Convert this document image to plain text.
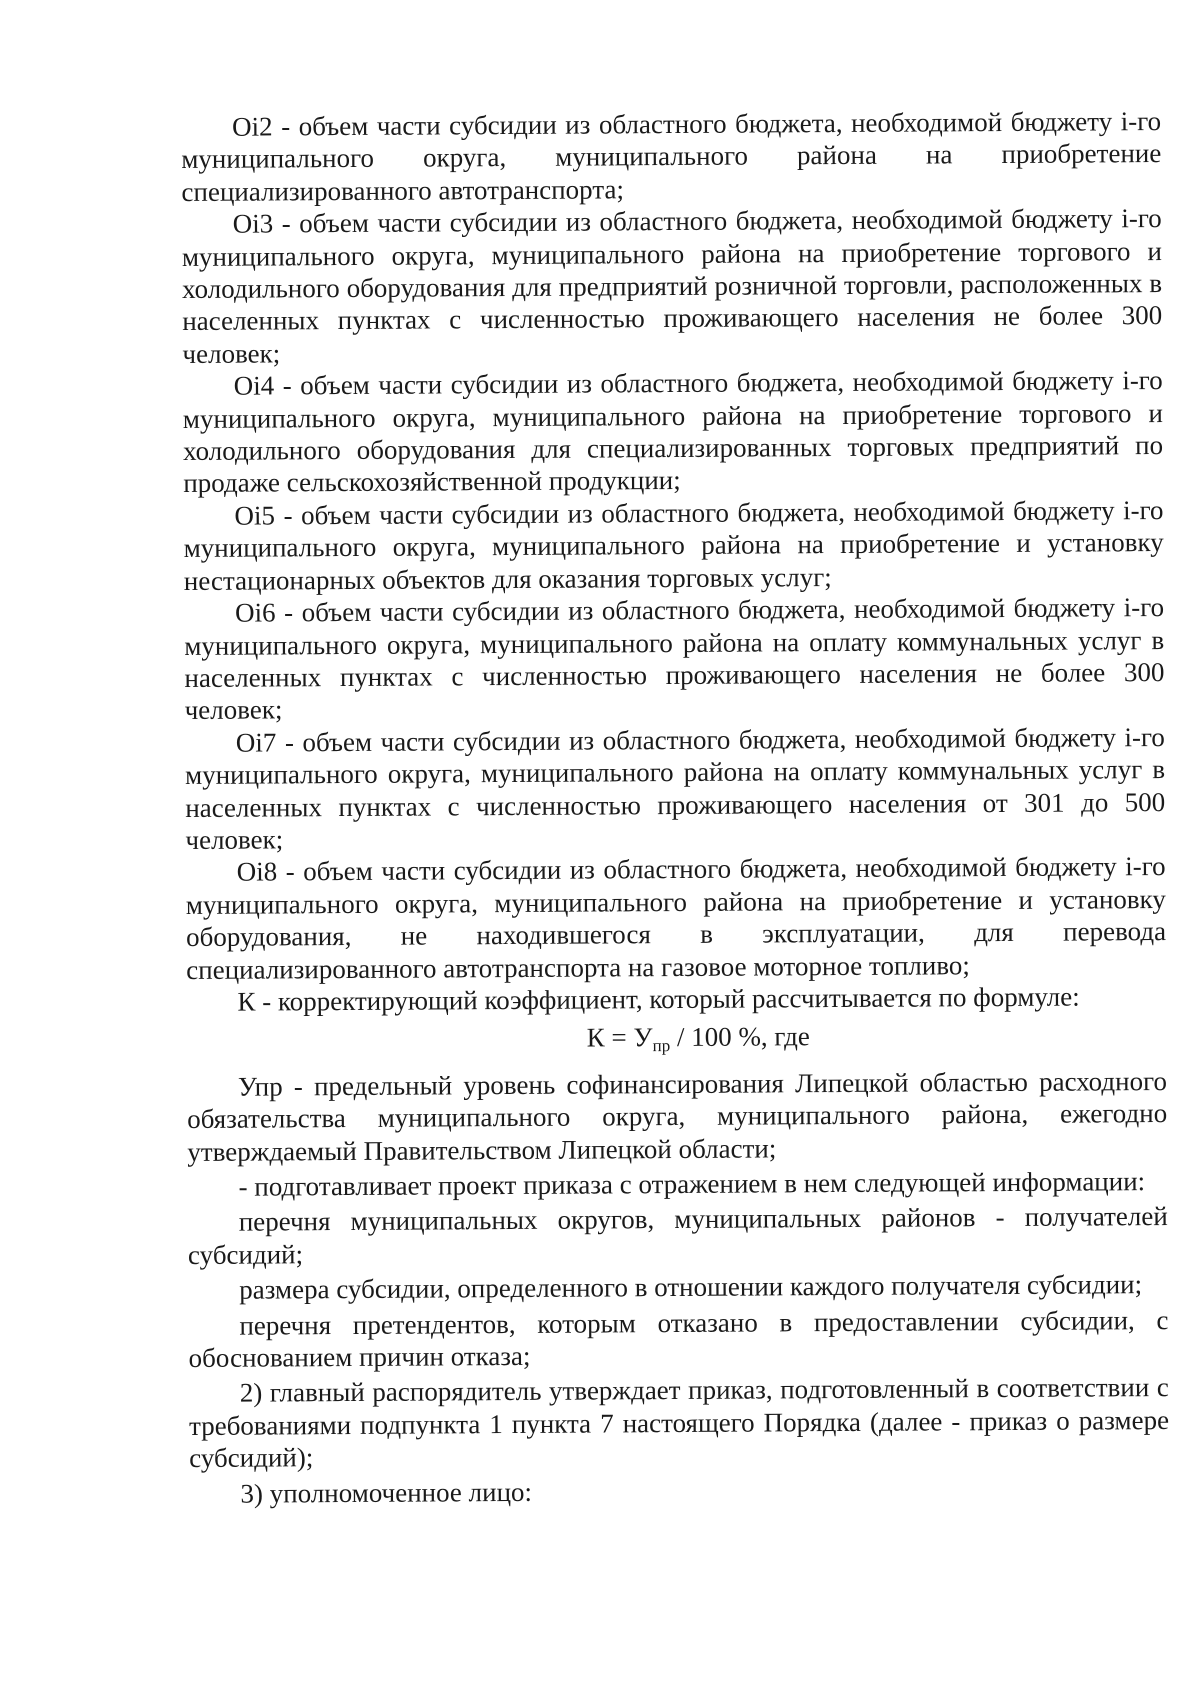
Oi2 - объем части субсидии из областного бюджета, необходимой бюджету i-го муниципального округа, муниципального района на приобретение специализированного автотранспорта;

Oi3 - объем части субсидии из областного бюджета, необходимой бюджету i-го муниципального округа, муниципального района на приобретение торгового и холодильного оборудования для предприятий розничной торговли, расположенных в населенных пунктах с численностью проживающего населения не более 300 человек;

Oi4 - объем части субсидии из областного бюджета, необходимой бюджету i-го муниципального округа, муниципального района на приобретение торгового и холодильного оборудования для специализированных торговых предприятий по продаже сельскохозяйственной продукции;

Oi5 - объем части субсидии из областного бюджета, необходимой бюджету i-го муниципального округа, муниципального района на приобретение и установку нестационарных объектов для оказания торговых услуг;

Oi6 - объем части субсидии из областного бюджета, необходимой бюджету i-го муниципального округа, муниципального района на оплату коммунальных услуг в населенных пунктах с численностью проживающего населения не более 300 человек;

Oi7 - объем части субсидии из областного бюджета, необходимой бюджету i-го муниципального округа, муниципального района на оплату коммунальных услуг в населенных пунктах с численностью проживающего населения от 301 до 500 человек;

Oi8 - объем части субсидии из областного бюджета, необходимой бюджету i-го муниципального округа, муниципального района на приобретение и установку оборудования, не находившегося в эксплуатации, для перевода специализированного автотранспорта на газовое моторное топливо;

К - корректирующий коэффициент, который рассчитывается по формуле:

$К = У_{пр} / 100$ %, где

Упр - предельный уровень софинансирования Липецкой областью расходного обязательства муниципального округа, муниципального района, ежегодно утверждаемый Правительством Липецкой области;

- подготавливает проект приказа с отражением в нем следующей информации:

перечня муниципальных округов, муниципальных районов - получателей субсидий;

размера субсидии, определенного в отношении каждого получателя субсидии;

перечня претендентов, которым отказано в предоставлении субсидии, с обоснованием причин отказа;

2) главный распорядитель утверждает приказ, подготовленный в соответствии с требованиями подпункта 1 пункта 7 настоящего Порядка (далее - приказ о размере субсидий);

3) уполномоченное лицо:
